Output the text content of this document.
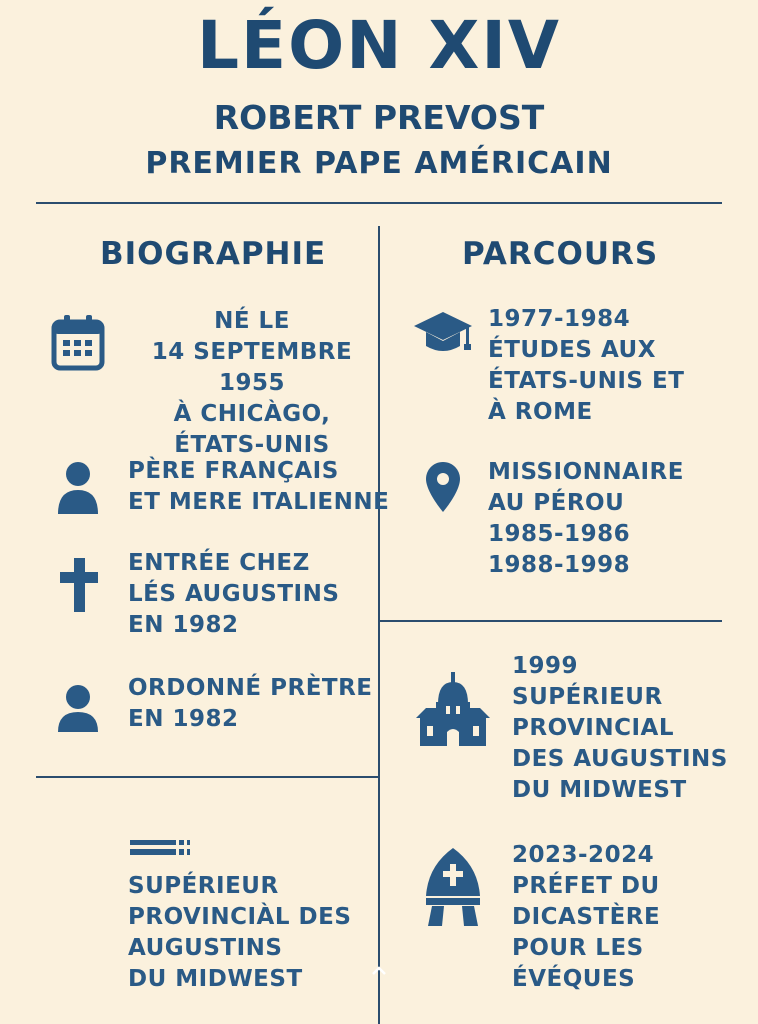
LÉON XIV
ROBERT PREVOST
PREMIER PAPE AMÉRICAIN
BIOGRAPHIE	PARCOURS
NÉ LE
14 SEPTEMBRE 1955
À CHICÀGO,
ÉTATS-UNIS
PÈRE FRANÇAIS
ET MERE ITALIENNE
ENTRÉE CHEZ
LÉS AUGUSTINS
EN 1982
ORDONNÉ PRÈTRE
EN 1982
1977-1984
ÉTUDES AUX
ÉTATS-UNIS ET
À ROME
MISSIONNAIRE
AU PÉROU
1985-1986
1988-1998
1999
SUPÉRIEUR
PROVINCIAL
DES AUGUSTINS
DU MIDWEST
2023-2024
PRÉFET DU
DICASTÈRE
POUR LES
ÉVÉQUES
SUPÉRIEUR
PROVINCIÀL DES
AUGUSTINS
DU MIDWEST
